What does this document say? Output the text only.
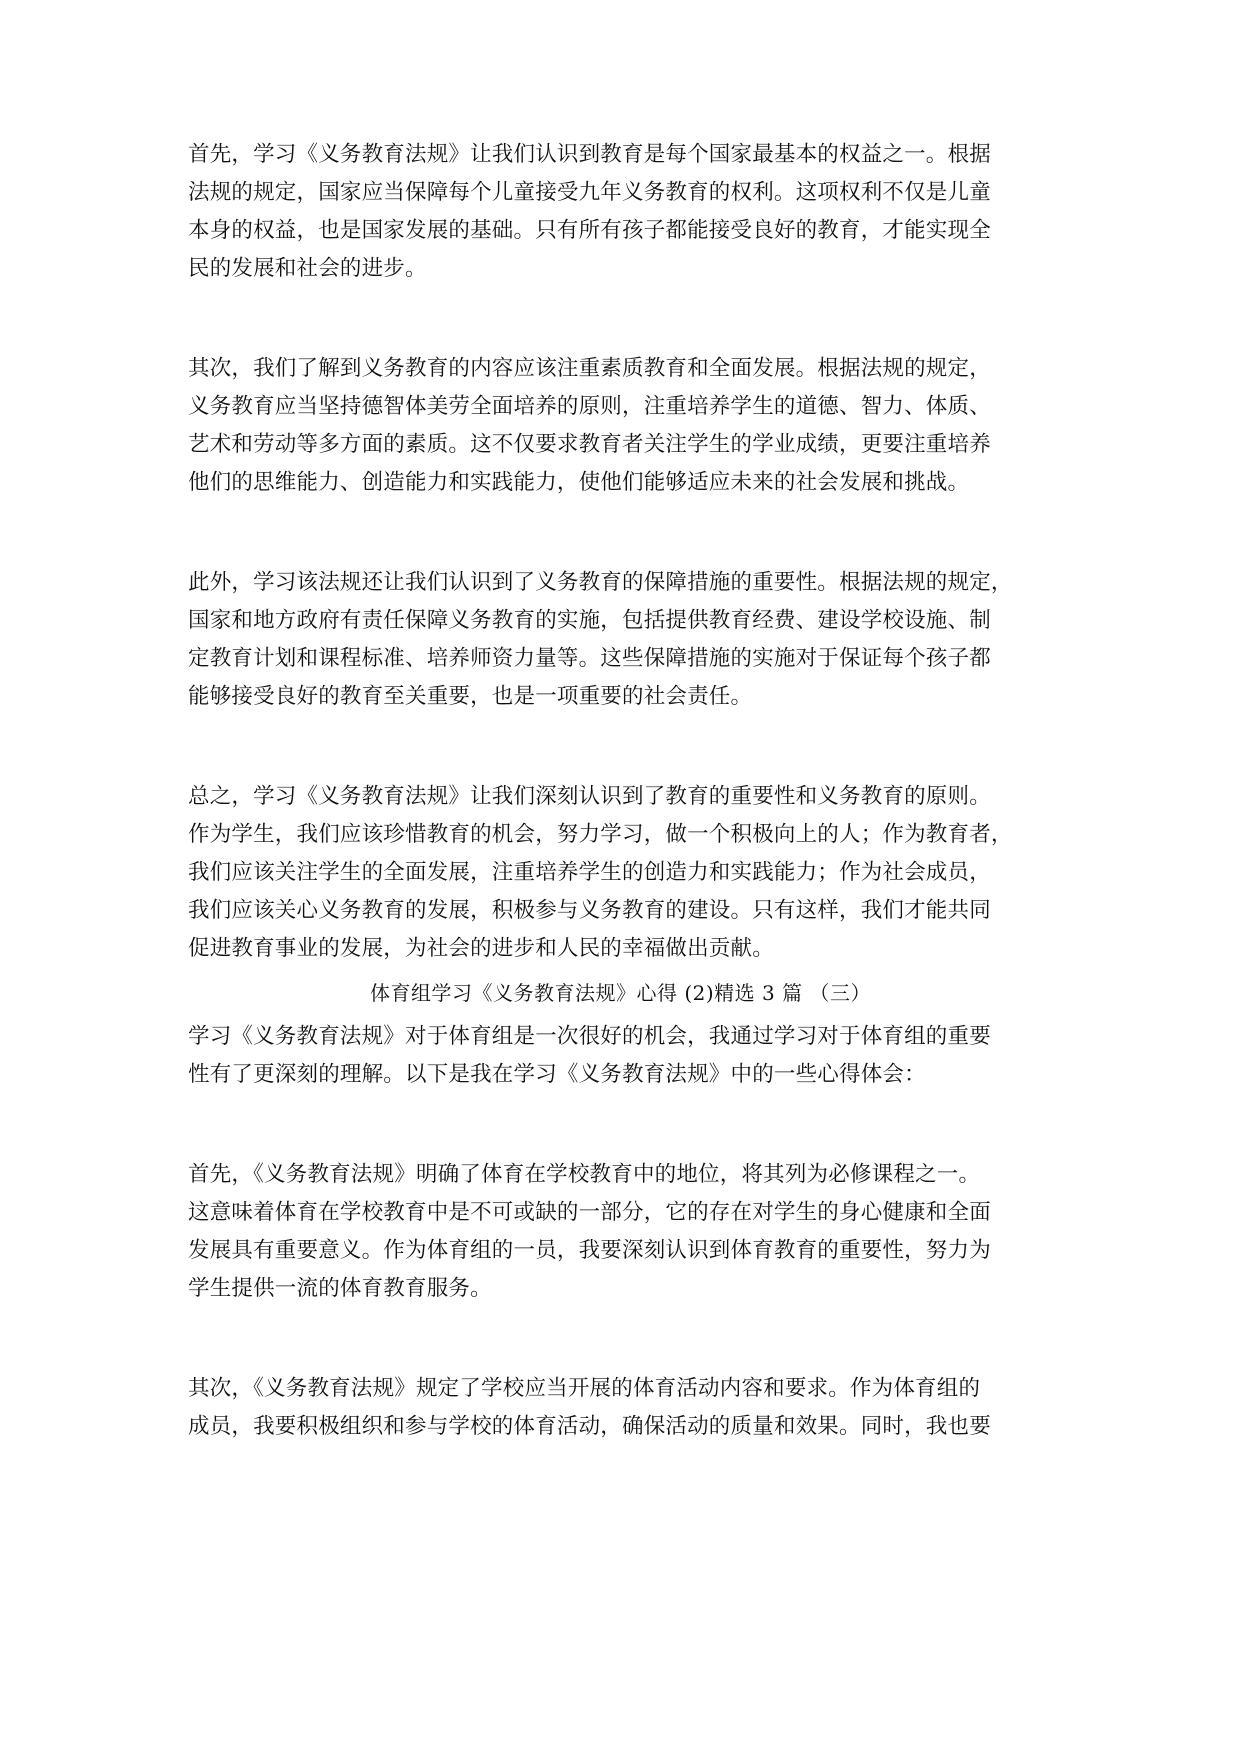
首先，学习《义务教育法规》让我们认识到教育是每个国家最基本的权益之一。根据

法规的规定，国家应当保障每个儿童接受九年义务教育的权利。这项权利不仅是儿童

本身的权益，也是国家发展的基础。只有所有孩子都能接受良好的教育，才能实现全

民的发展和社会的进步。

其次，我们了解到义务教育的内容应该注重素质教育和全面发展。根据法规的规定，

义务教育应当坚持德智体美劳全面培养的原则，注重培养学生的道德、智力、体质、

艺术和劳动等多方面的素质。这不仅要求教育者关注学生的学业成绩，更要注重培养

他们的思维能力、创造能力和实践能力，使他们能够适应未来的社会发展和挑战。

此外，学习该法规还让我们认识到了义务教育的保障措施的重要性。根据法规的规定，

国家和地方政府有责任保障义务教育的实施，包括提供教育经费、建设学校设施、制

定教育计划和课程标准、培养师资力量等。这些保障措施的实施对于保证每个孩子都

能够接受良好的教育至关重要，也是一项重要的社会责任。

总之，学习《义务教育法规》让我们深刻认识到了教育的重要性和义务教育的原则。

作为学生，我们应该珍惜教育的机会，努力学习，做一个积极向上的人；作为教育者，

我们应该关注学生的全面发展，注重培养学生的创造力和实践能力；作为社会成员，

我们应该关心义务教育的发展，积极参与义务教育的建设。只有这样，我们才能共同

促进教育事业的发展，为社会的进步和人民的幸福做出贡献。

体育组学习《义务教育法规》心得 (2)精选 3 篇 （三）

学习《义务教育法规》对于体育组是一次很好的机会，我通过学习对于体育组的重要

性有了更深刻的理解。以下是我在学习《义务教育法规》中的一些心得体会：

首先，《义务教育法规》明确了体育在学校教育中的地位，将其列为必修课程之一。

这意味着体育在学校教育中是不可或缺的一部分，它的存在对学生的身心健康和全面

发展具有重要意义。作为体育组的一员，我要深刻认识到体育教育的重要性，努力为

学生提供一流的体育教育服务。

其次，《义务教育法规》规定了学校应当开展的体育活动内容和要求。作为体育组的

成员，我要积极组织和参与学校的体育活动，确保活动的质量和效果。同时，我也要
